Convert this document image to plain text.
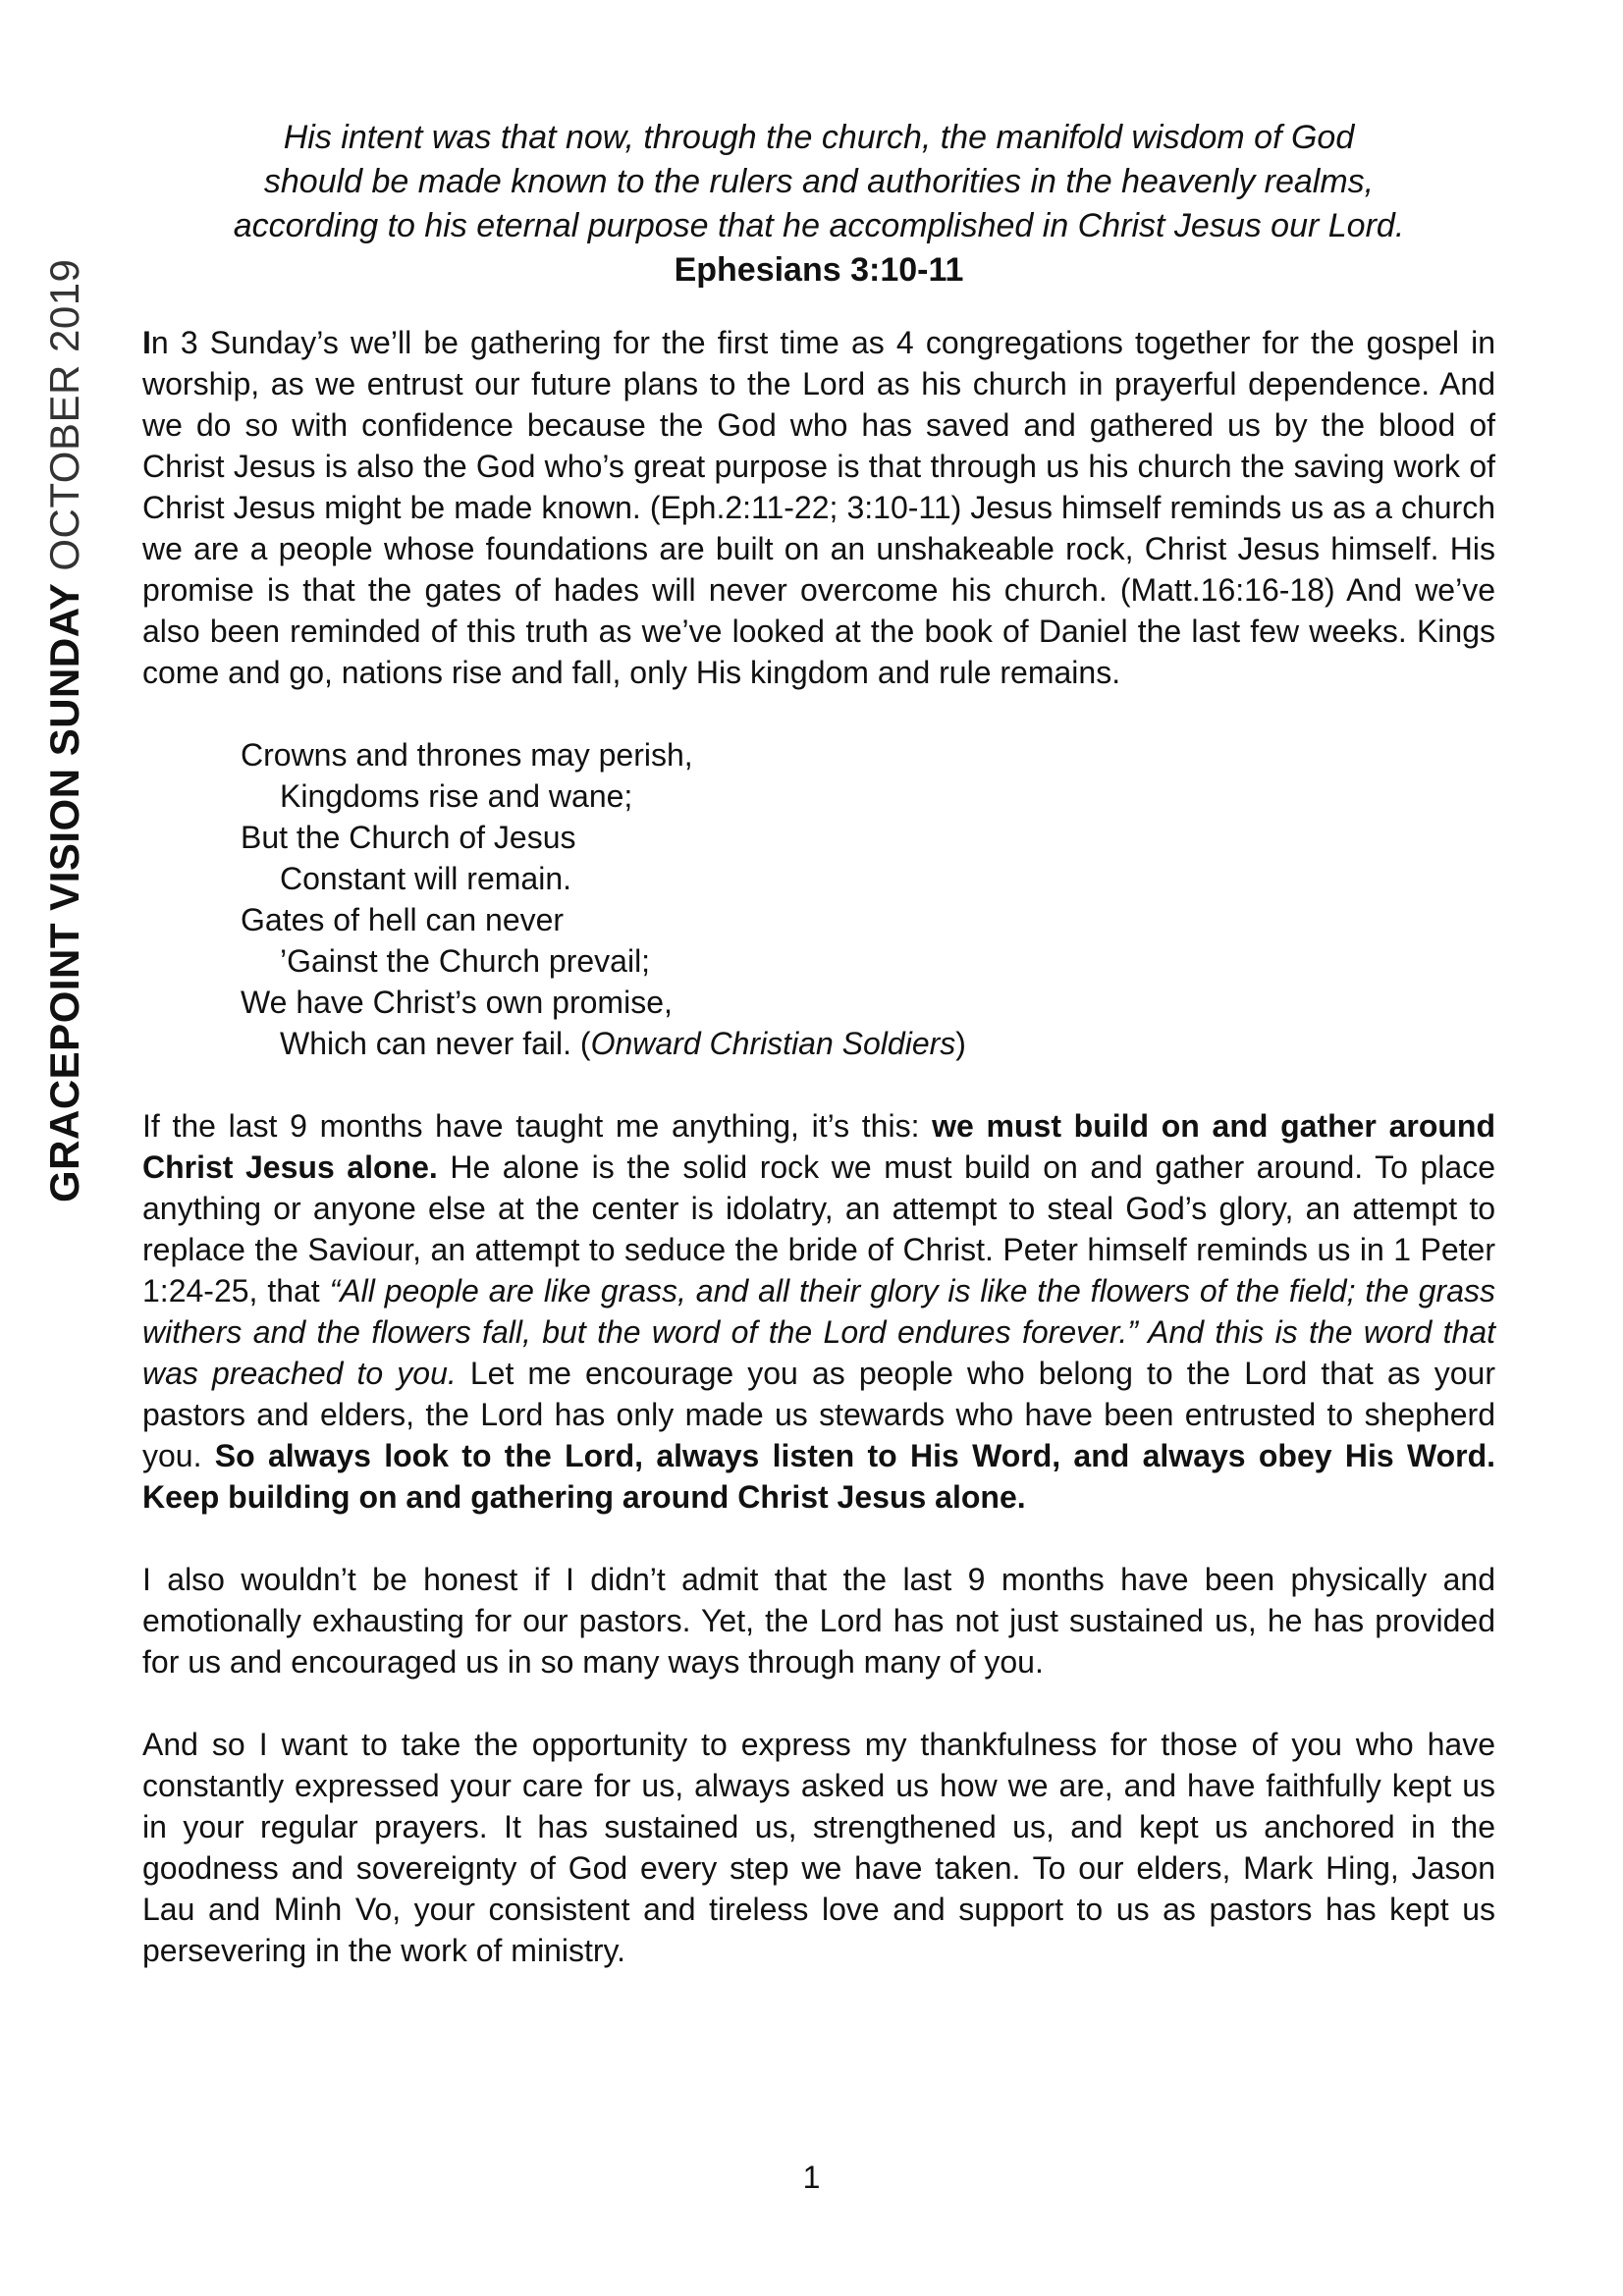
GRACEPOINT VISION SUNDAY OCTOBER 2019

His intent was that now, through the church, the manifold wisdom of God

should be made known to the rulers and authorities in the heavenly realms,

according to his eternal purpose that he accomplished in Christ Jesus our Lord.

Ephesians 3:10-11

In 3 Sunday’s we’ll be gathering for the first time as 4 congregations together for the gospel in worship, as we entrust our future plans to the Lord as his church in prayerful dependence. And we do so with confidence because the God who has saved and gathered us by the blood of Christ Jesus is also the God who’s great purpose is that through us his church the saving work of Christ Jesus might be made known. (Eph.2:11-22; 3:10-11) Jesus himself reminds us as a church we are a people whose foundations are built on an unshakeable rock, Christ Jesus himself. His promise is that the gates of hades will never overcome his church. (Matt.16:16-18) And we’ve also been reminded of this truth as we’ve looked at the book of Daniel the last few weeks. Kings come and go, nations rise and fall, only His kingdom and rule remains.

Crowns and thrones may perish,
Kingdoms rise and wane;
But the Church of Jesus
Constant will remain.
Gates of hell can never
’Gainst the Church prevail;
We have Christ’s own promise,
Which can never fail. (Onward Christian Soldiers)

If the last 9 months have taught me anything, it’s this: we must build on and gather around Christ Jesus alone. He alone is the solid rock we must build on and gather around. To place anything or anyone else at the center is idolatry, an attempt to steal God’s glory, an attempt to replace the Saviour, an attempt to seduce the bride of Christ. Peter himself reminds us in 1 Peter 1:24-25, that “All people are like grass, and all their glory is like the flowers of the field; the grass withers and the flowers fall, but the word of the Lord endures forever.” And this is the word that was preached to you. Let me encourage you as people who belong to the Lord that as your pastors and elders, the Lord has only made us stewards who have been entrusted to shepherd you. So always look to the Lord, always listen to His Word, and always obey His Word. Keep building on and gathering around Christ Jesus alone.

I also wouldn’t be honest if I didn’t admit that the last 9 months have been physically and emotionally exhausting for our pastors. Yet, the Lord has not just sustained us, he has provided for us and encouraged us in so many ways through many of you.

And so I want to take the opportunity to express my thankfulness for those of you who have constantly expressed your care for us, always asked us how we are, and have faithfully kept us in your regular prayers. It has sustained us, strengthened us, and kept us anchored in the goodness and sovereignty of God every step we have taken. To our elders, Mark Hing, Jason Lau and Minh Vo, your consistent and tireless love and support to us as pastors has kept us persevering in the work of ministry.

1
